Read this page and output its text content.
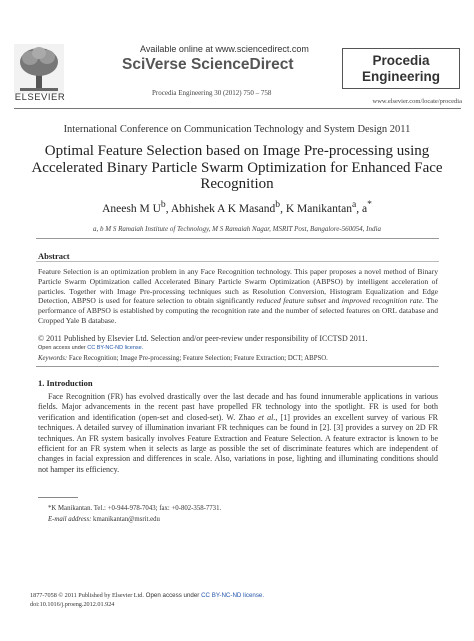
ELSEVIER
Available online at www.sciencedirect.com
SciVerse ScienceDirect
Procedia Engineering 30 (2012) 750 – 758
Procedia
Engineering
www.elsevier.com/locate/procedia
International Conference on Communication Technology and System Design 2011
Optimal Feature Selection based on Image Pre-processing using Accelerated Binary Particle Swarm Optimization for Enhanced Face Recognition
Aneesh M $U^b$, Abhishek A K Masand$^b$, K Manikantan$^a$, a*
a, b M S Ramaiah Institute of Technology, M S Ramaiah Nagar, MSRIT Post, Bangalore-560054, India
Abstract
Feature Selection is an optimization problem in any Face Recognition technology. This paper proposes a novel method of Binary Particle Swarm Optimization called Accelerated Binary Particle Swarm Optimization (ABPSO) by intelligent acceleration of particles. Together with Image Pre-processing techniques such as Resolution Conversion, Histogram Equalization and Edge Detection, ABPSO is used for feature selection to obtain significantly reduced feature subset and improved recognition rate. The performance of ABPSO is established by computing the recognition rate and the number of selected features on ORL database and Cropped Yale B database.
© 2011 Published by Elsevier Ltd. Selection and/or peer-review under responsibility of ICCTSD 2011.
Open access under CC BY-NC-ND license.
Keywords: Face Recognition; Image Pre-processing; Feature Selection; Feature Extraction; DCT; ABPSO.
1. Introduction
Face Recognition (FR) has evolved drastically over the last decade and has found innumerable applications in various fields. Major advancements in the recent past have propelled FR technology into the spotlight. FR is used for both verification and identification (open-set and closed-set). W. Zhao et al., [1] provides an excellent survey of various FR techniques. A detailed survey of illumination invariant FR techniques can be found in [2]. [3] provides a survey on 2D FR techniques. An FR system basically involves Feature Extraction and Feature Selection. A feature extractor is known to be efficient for an FR system when it selects as large as possible the set of discriminate features which are independent of changes in facial expression and differences in scale. Also, variations in pose, lighting and illuminating conditions should not hamper its efficiency.
*K Manikantan. Tel.: +0-944-978-7043; fax: +0-802-358-7731.
E-mail address: kmanikantan@msrit.edu
1877-7058 © 2011 Published by Elsevier Ltd. Open access under CC BY-NC-ND license.
doi:10.1016/j.proeng.2012.01.924
